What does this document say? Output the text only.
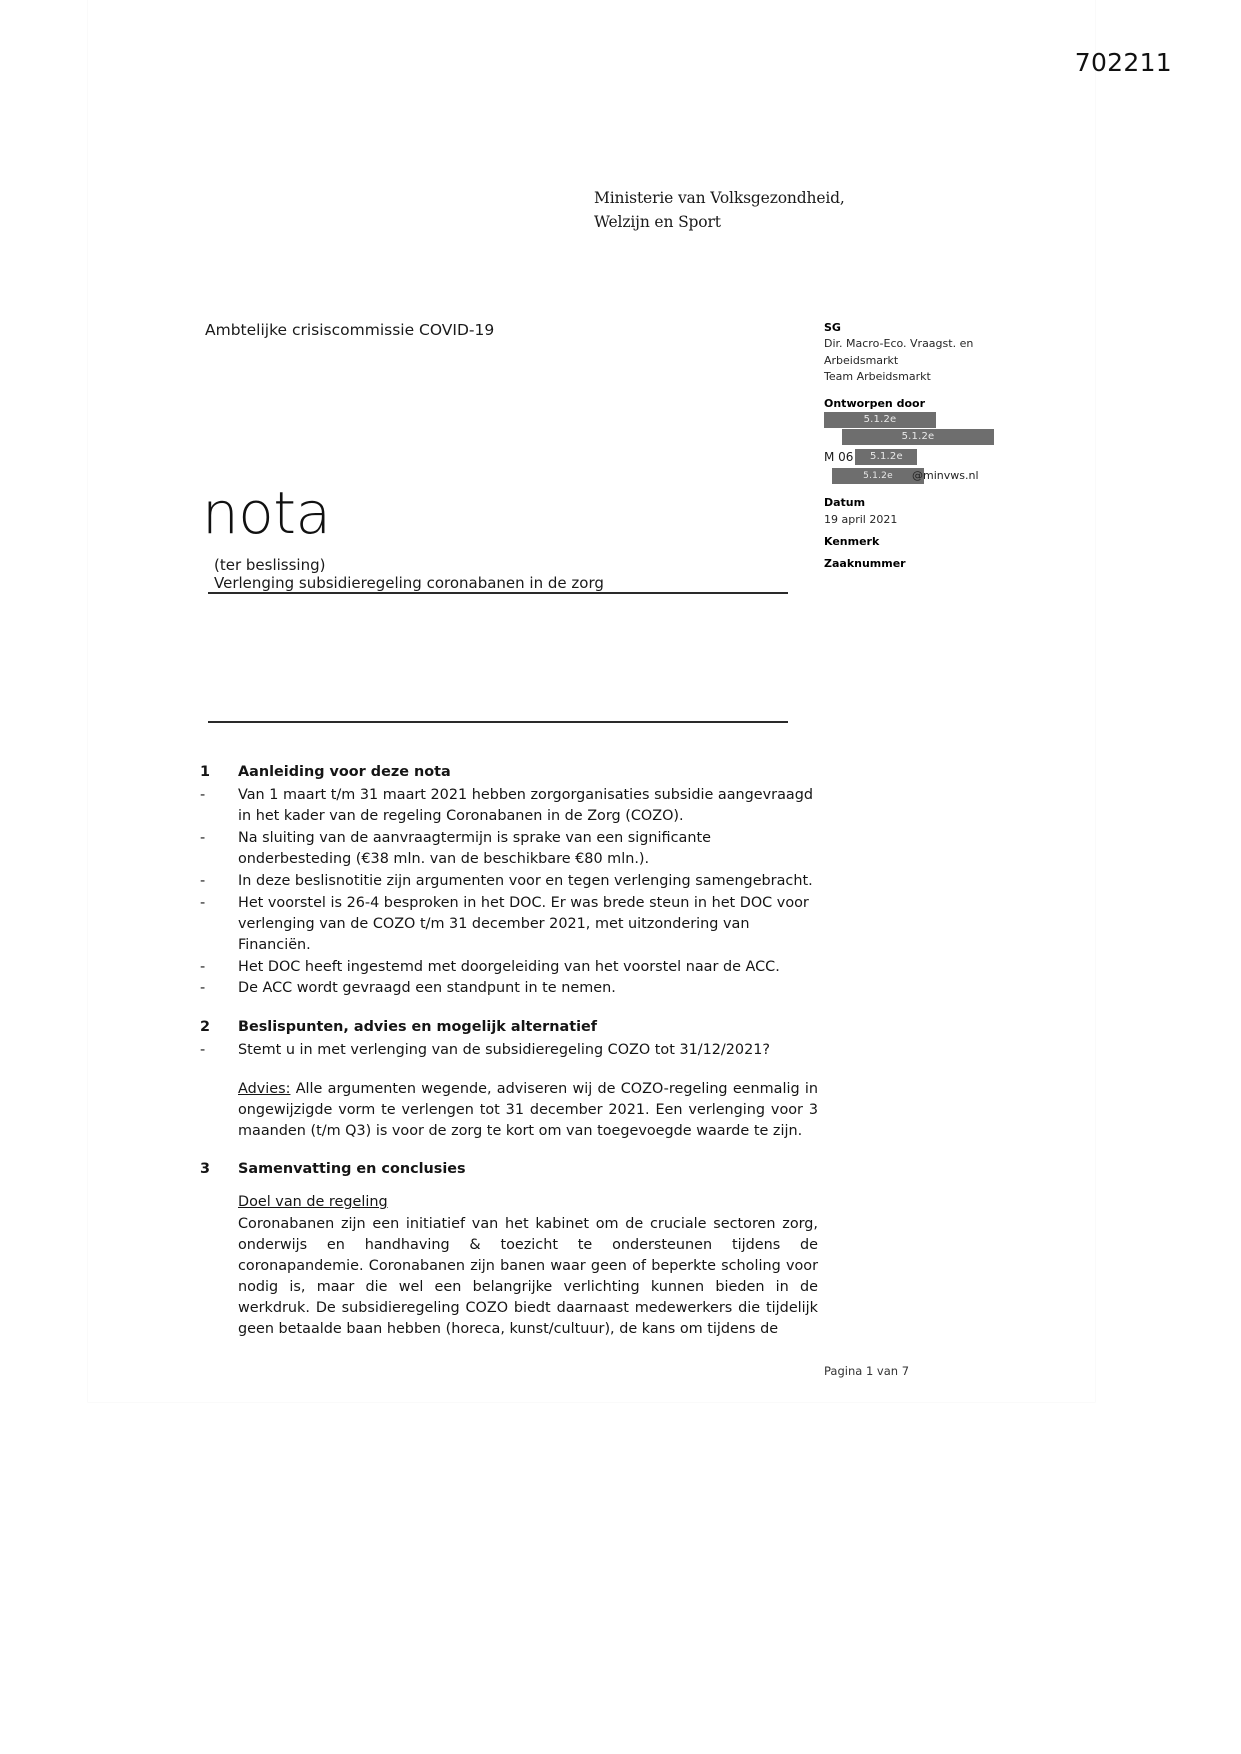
702211
Ministerie van Volksgezondheid,
Welzijn en Sport
Ambtelijke crisiscommissie COVID-19	SG
Dir. Macro-Eco. Vraagst. en
Arbeidsmarkt
Team Arbeidsmarkt
Ontworpen door
5.1.2e
5.1.2e
M 06 5.1.2e
5.1.2e @minvws.nl
Datum
19 april 2021
Kenmerk
Zaaknummer
nota
(ter beslissing)Verlenging subsidieregeling coronabanen in de zorg
1	Aanleiding voor deze nota
-	Van 1 maart t/m 31 maart 2021 hebben zorgorganisaties subsidie aangevraagd in het kader van de regeling Coronabanen in de Zorg (COZO).
-	Na sluiting van de aanvraagtermijn is sprake van een significante onderbesteding (€38 mln. van de beschikbare €80 mln.).
-	In deze beslisnotitie zijn argumenten voor en tegen verlenging samengebracht.
-	Het voorstel is 26-4 besproken in het DOC. Er was brede steun in het DOC voor verlenging van de COZO t/m 31 december 2021, met uitzondering van Financiën.
-	Het DOC heeft ingestemd met doorgeleiding van het voorstel naar de ACC.
-	De ACC wordt gevraagd een standpunt in te nemen.
2	Beslispunten, advies en mogelijk alternatief
-	Stemt u in met verlenging van de subsidieregeling COZO tot 31/12/2021?
Advies: Alle argumenten wegende, adviseren wij de COZO-regeling eenmalig in ongewijzigde vorm te verlengen tot 31 december 2021. Een verlenging voor 3 maanden (t/m Q3) is voor de zorg te kort om van toegevoegde waarde te zijn.
3	Samenvatting en conclusies
Doel van de regeling
Coronabanen zijn een initiatief van het kabinet om de cruciale sectoren zorg, onderwijs en handhaving & toezicht te ondersteunen tijdens de coronapandemie. Coronabanen zijn banen waar geen of beperkte scholing voor nodig is, maar die wel een belangrijke verlichting kunnen bieden in de werkdruk. De subsidieregeling COZO biedt daarnaast medewerkers die tijdelijk geen betaalde baan hebben (horeca, kunst/cultuur), de kans om tijdens de
Pagina 1 van 7
